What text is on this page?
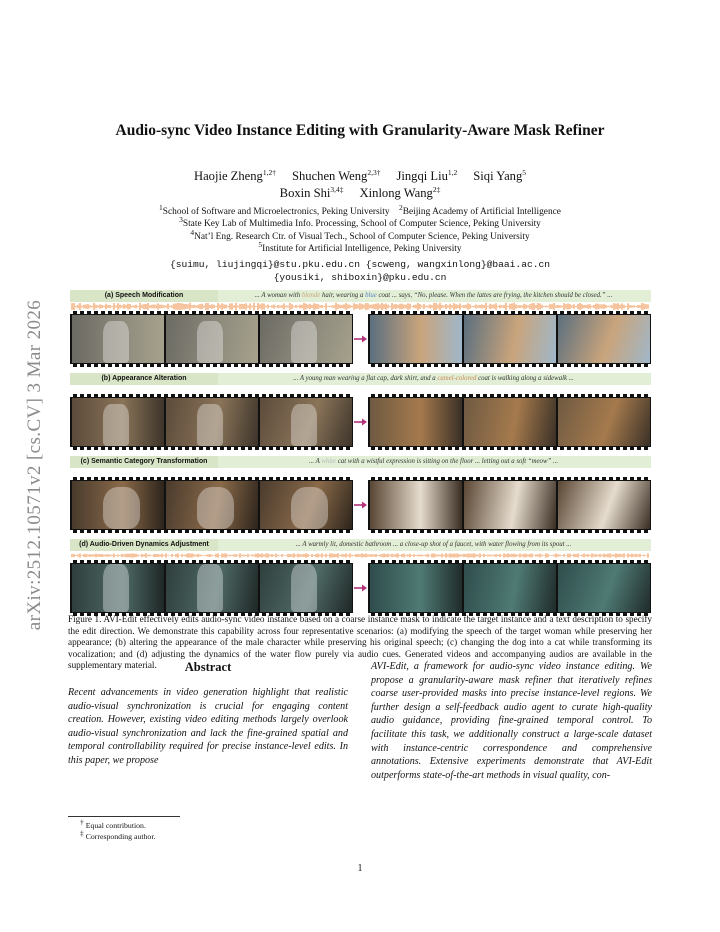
arXiv:2512.10571v2 [cs.CV] 3 Mar 2026
Audio-sync Video Instance Editing with Granularity-Aware Mask Refiner
Haojie Zheng$^{1,2\dagger}$ Shuchen Weng$^{2,3\dagger}$ Jingqi Liu$^{1,2}$ Siqi Yang$^5$
Boxin Shi$^{3,4\ddagger}$ Xinlong Wang$^{2\ddagger}$
$^1$School of Software and Microelectronics, Peking University  $^2$Beijing Academy of Artificial Intelligence
$^3$State Key Lab of Multimedia Info. Processing, School of Computer Science, Peking University
$^4$Nat’l Eng. Research Ctr. of Visual Tech., School of Computer Science, Peking University
$^5$Institute for Artificial Intelligence, Peking University
{suimu, liujingqi}@stu.pku.edu.cn {scweng, wangxinlong}@baai.ac.cn
{yousiki, shiboxin}@pku.edu.cn
(a) Speech Modification	... A woman with blonde hair, wearing a blue coat ... says, “No, please. When the lattes are frying, the kitchen should be closed.” ...
(b) Appearance Alteration	... A young man wearing a flat cap, dark shirt, and a camel-colored coat is walking along a sidewalk ...
(c) Semantic Category Transformation	... A white cat with a wistful expression is sitting on the floor ... letting out a soft “meow” ...
(d) Audio-Driven Dynamics Adjustment	... A warmly lit, domestic bathroom ... a close-up shot of a faucet, with water flowing from its spout ...
Figure 1. AVI-Edit effectively edits audio-sync video instance based on a coarse instance mask to indicate the target instance and a text description to specify the edit direction. We demonstrate this capability across four representative scenarios: (a) modifying the speech of the target woman while preserving her appearance; (b) altering the appearance of the male character while preserving his original speech; (c) changing the dog into a cat while transforming its vocalization; and (d) adjusting the dynamics of the water flow purely via audio cues. Generated videos and accompanying audios are available in the supplementary material.	Abstract
Recent advancements in video generation highlight that realistic audio-visual synchronization is crucial for engaging content creation. However, existing video editing methods largely overlook audio-visual synchronization and lack the fine-grained spatial and temporal controllability required for precise instance-level edits. In this paper, we propose
AVI-Edit, a framework for audio-sync video instance editing. We propose a granularity-aware mask refiner that iteratively refines coarse user-provided masks into precise instance-level regions. We further design a self-feedback audio agent to curate high-quality audio guidance, providing fine-grained temporal control. To facilitate this task, we additionally construct a large-scale dataset with instance-centric correspondence and comprehensive annotations. Extensive experiments demonstrate that AVI-Edit outperforms state-of-the-art methods in visual quality, con-
† Equal contribution.
‡ Corresponding author.
1
